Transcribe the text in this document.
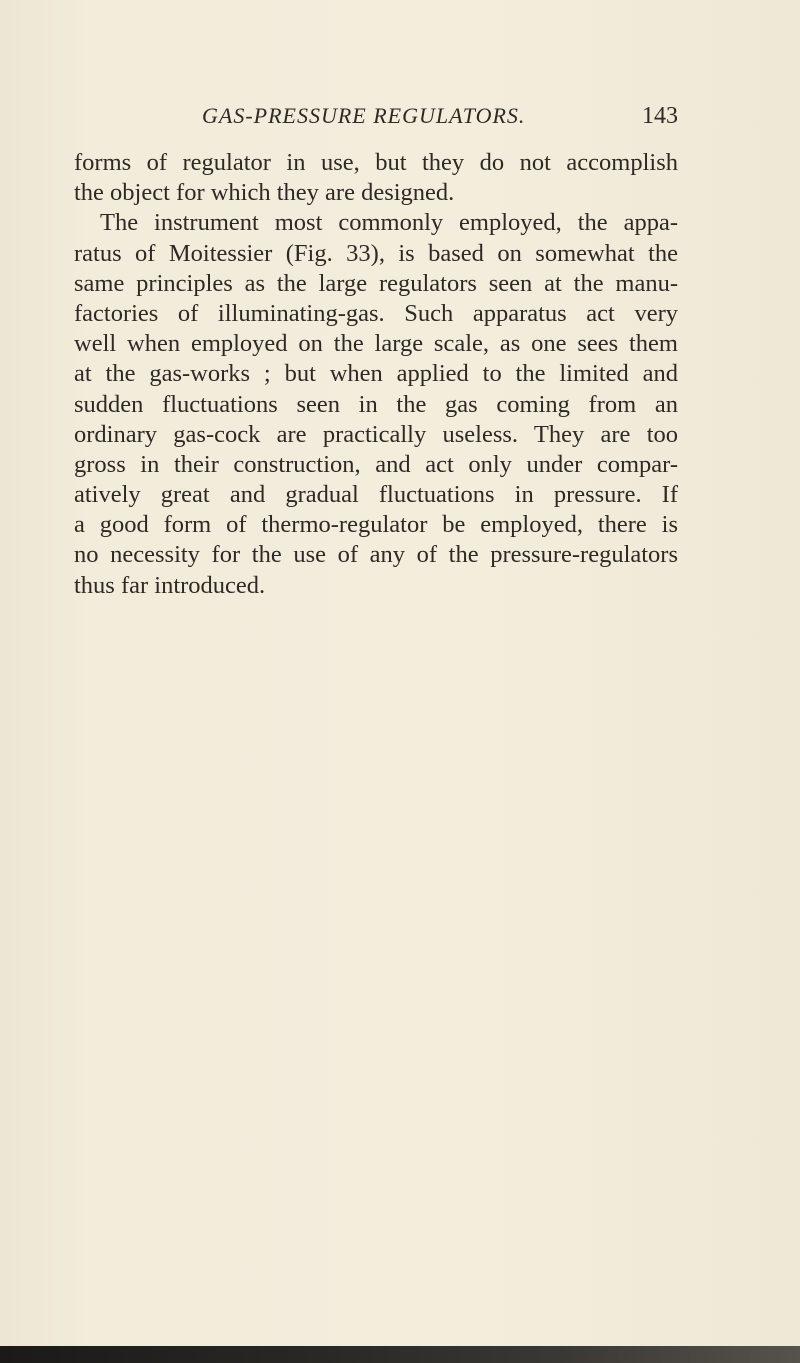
GAS-PRESSURE REGULATORS.	143
forms of regulator in use, but they do not accomplish
the object for which they are designed.
The instrument most commonly employed, the appa-
ratus of Moitessier (Fig. 33), is based on somewhat the
same principles as the large regulators seen at the manu-
factories of illuminating-gas. Such apparatus act very
well when employed on the large scale, as one sees them
at the gas-works ; but when applied to the limited and
sudden fluctuations seen in the gas coming from an
ordinary gas-cock are practically useless. They are too
gross in their construction, and act only under compar-
atively great and gradual fluctuations in pressure. If
a good form of thermo-regulator be employed, there is
no necessity for the use of any of the pressure-regulators
thus far introduced.
